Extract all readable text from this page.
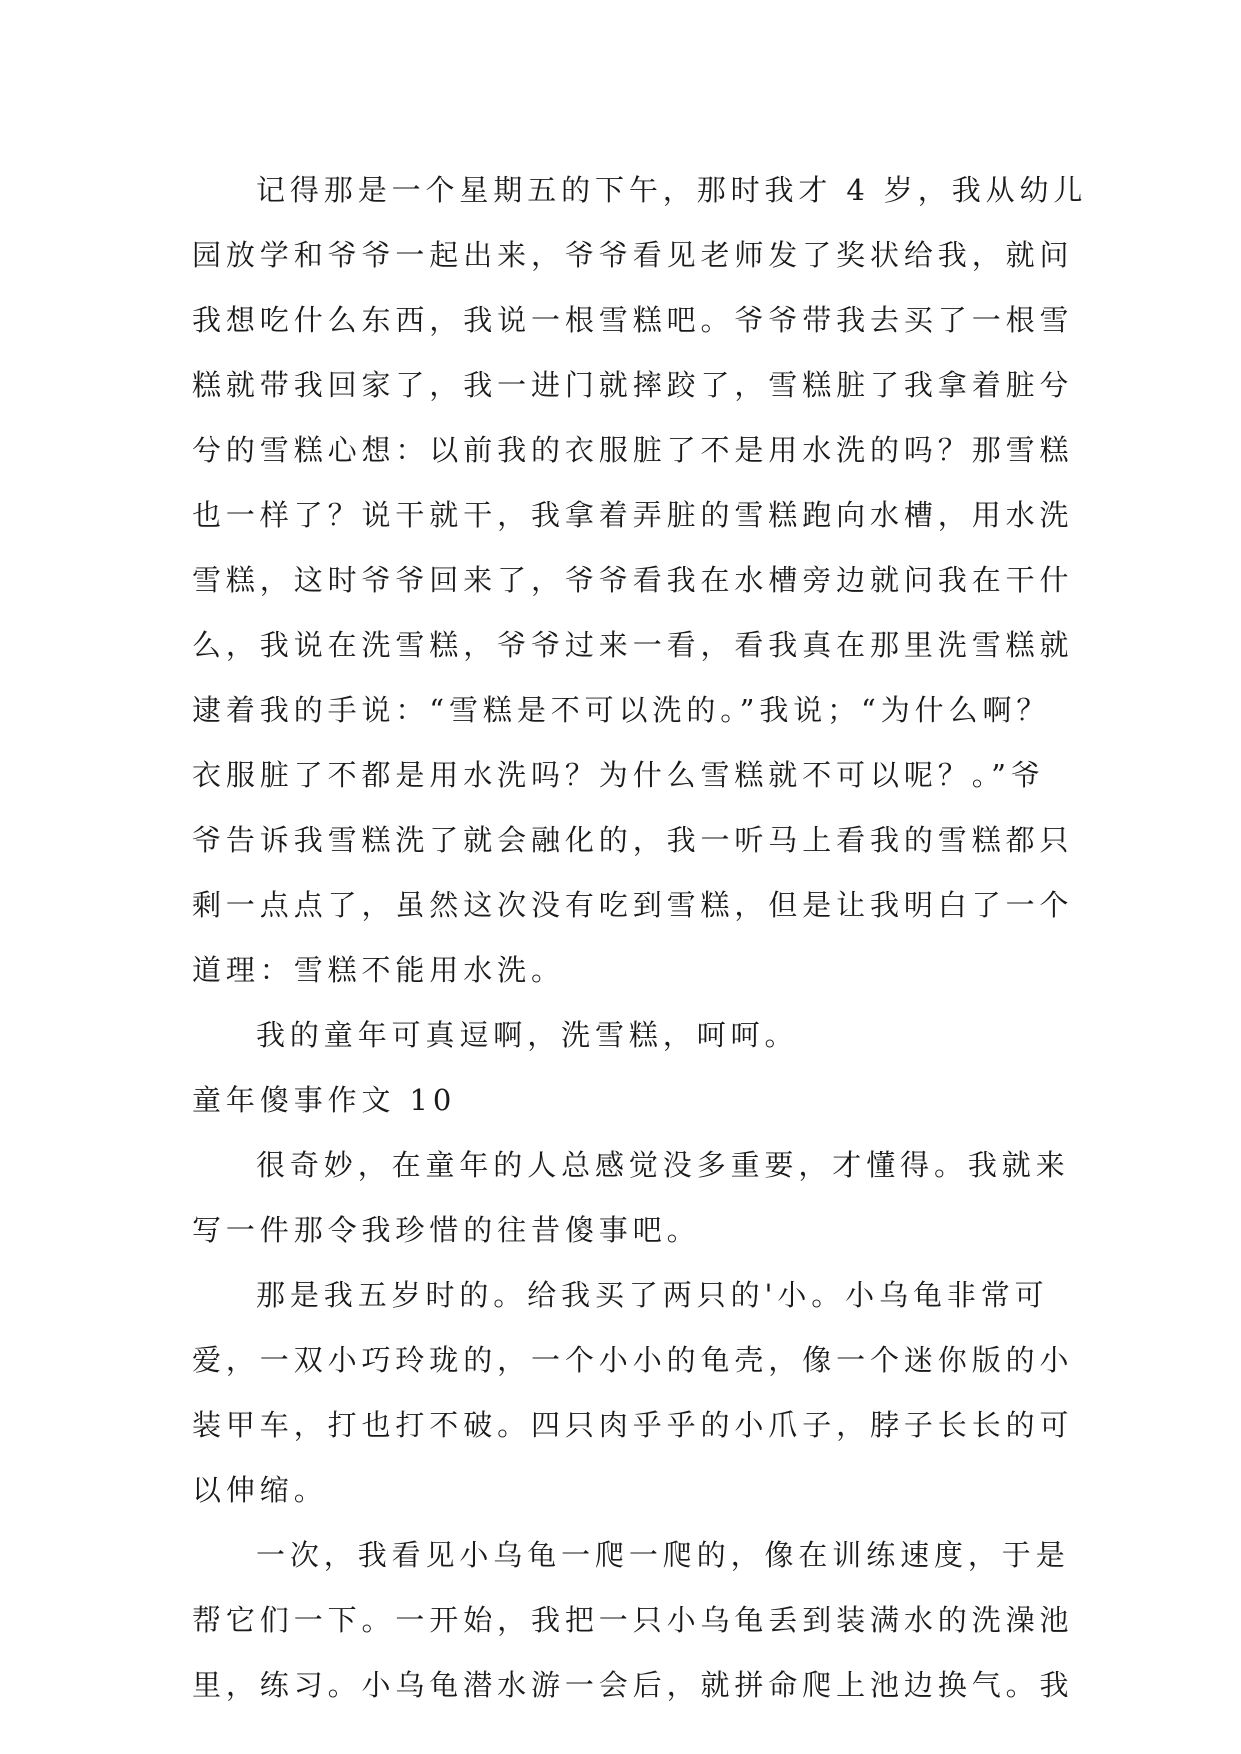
记得那是一个星期五的下午，那时我才 4 岁，我从幼儿
园放学和爷爷一起出来，爷爷看见老师发了奖状给我，就问
我想吃什么东西，我说一根雪糕吧。爷爷带我去买了一根雪
糕就带我回家了，我一进门就摔跤了，雪糕脏了我拿着脏兮
兮的雪糕心想：以前我的衣服脏了不是用水洗的吗？那雪糕
也一样了？说干就干，我拿着弄脏的雪糕跑向水槽，用水洗
雪糕，这时爷爷回来了，爷爷看我在水槽旁边就问我在干什
么，我说在洗雪糕，爷爷过来一看，看我真在那里洗雪糕就
逮着我的手说：“雪糕是不可以洗的。”我说；“为什么啊？
衣服脏了不都是用水洗吗？为什么雪糕就不可以呢？。”爷
爷告诉我雪糕洗了就会融化的，我一听马上看我的雪糕都只
剩一点点了，虽然这次没有吃到雪糕，但是让我明白了一个
道理：雪糕不能用水洗。
我的童年可真逗啊，洗雪糕，呵呵。
童年傻事作文 10
很奇妙，在童年的人总感觉没多重要，才懂得。我就来
写一件那令我珍惜的往昔傻事吧。
那是我五岁时的。给我买了两只的'小。小乌龟非常可
爱，一双小巧玲珑的，一个小小的龟壳，像一个迷你版的小
装甲车，打也打不破。四只肉乎乎的小爪子，脖子长长的可
以伸缩。
一次，我看见小乌龟一爬一爬的，像在训练速度，于是
帮它们一下。一开始，我把一只小乌龟丢到装满水的洗澡池
里，练习。小乌龟潜水游一会后，就拼命爬上池边换气。我
